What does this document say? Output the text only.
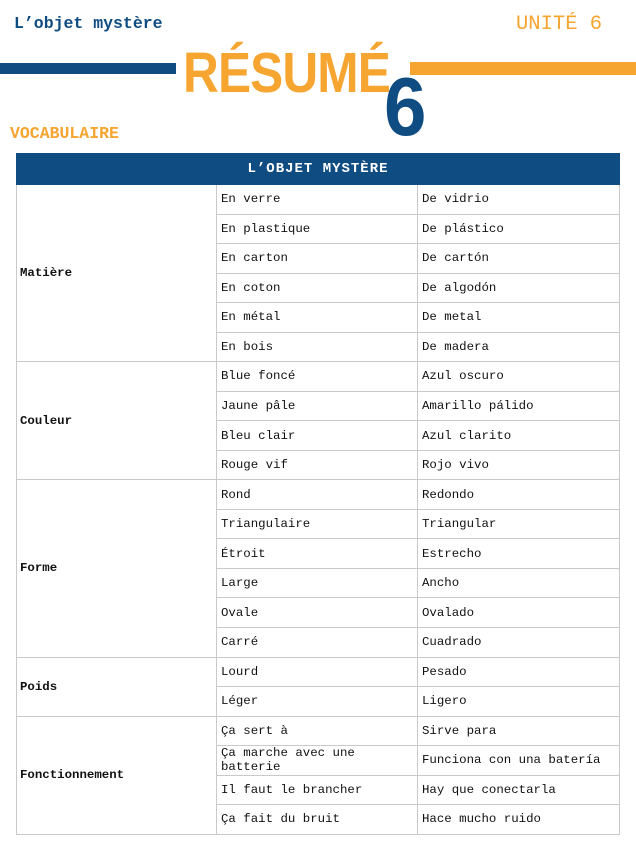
L’objet mystère	UNITÉ 6
RÉSUMÉ
6
VOCABULAIRE
L’OBJET MYSTÈRE
Matière
En verre	De vidrio
En plastique	De plástico
En carton	De cartón
En coton	De algodón
En métal	De metal
En bois	De madera
Couleur
Blue foncé	Azul oscuro
Jaune pâle	Amarillo pálido
Bleu clair	Azul clarito
Rouge vif	Rojo vivo
Forme
Rond	Redondo
Triangulaire	Triangular
Étroit	Estrecho
Large	Ancho
Ovale	Ovalado
Carré	Cuadrado
Poids
Lourd	Pesado
Léger	Ligero
Fonctionnement
Ça sert à	Sirve para
Ça marche avec une batterie	Funciona con una batería
Il faut le brancher	Hay que conectarla
Ça fait du bruit	Hace mucho ruido
